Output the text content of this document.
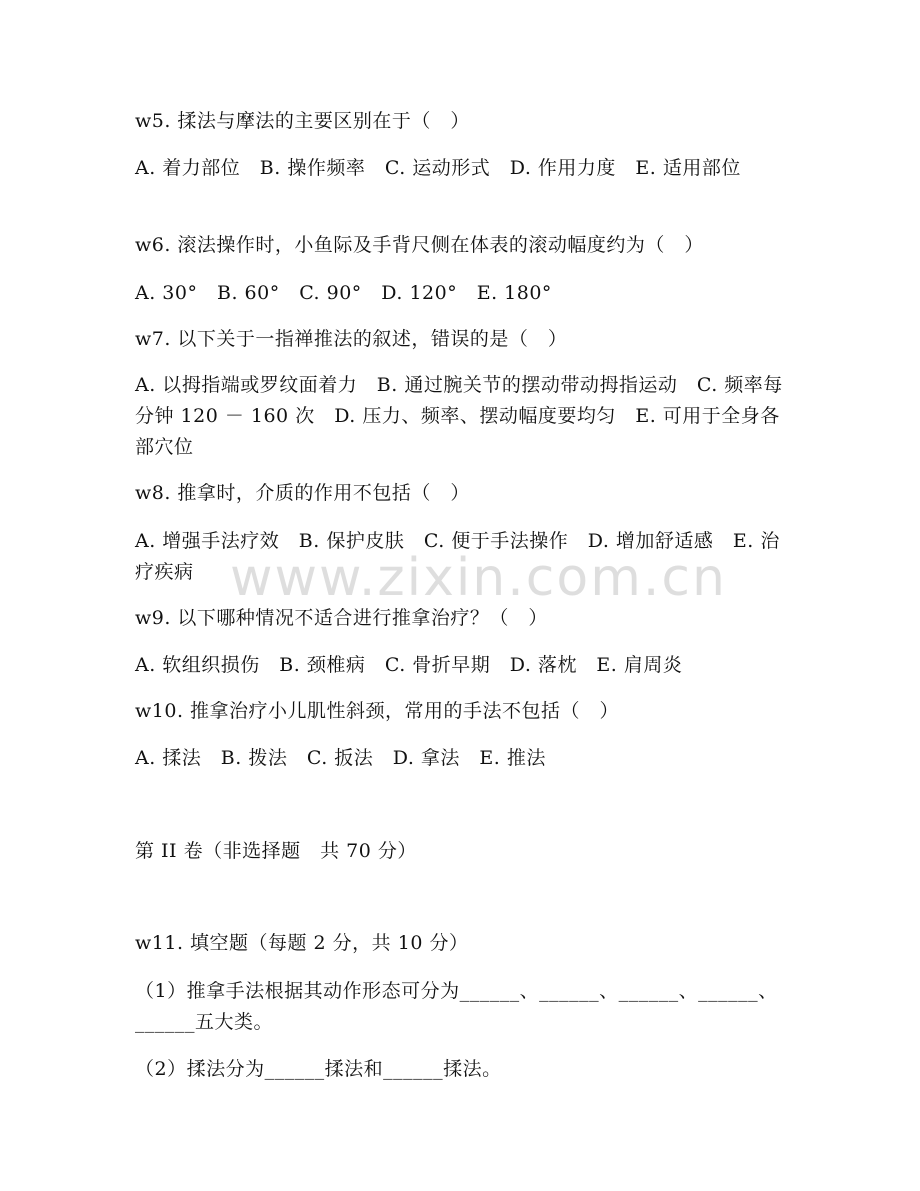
w5. 揉法与摩法的主要区别在于（　）
A. 着力部位　B. 操作频率　C. 运动形式　D. 作用力度　E. 适用部位
w6. 滚法操作时，小鱼际及手背尺侧在体表的滚动幅度约为（　）
A. 30°　B. 60°　C. 90°　D. 120°　E. 180°
w7. 以下关于一指禅推法的叙述，错误的是（　）
A. 以拇指端或罗纹面着力　B. 通过腕关节的摆动带动拇指运动　C. 频率每分钟 120 － 160 次　D. 压力、频率、摆动幅度要均匀　E. 可用于全身各部穴位
w8. 推拿时，介质的作用不包括（　）
A. 增强手法疗效　B. 保护皮肤　C. 便于手法操作　D. 增加舒适感　E. 治疗疾病
w9. 以下哪种情况不适合进行推拿治疗？（　）
A. 软组织损伤　B. 颈椎病　C. 骨折早期　D. 落枕　E. 肩周炎
w10. 推拿治疗小儿肌性斜颈，常用的手法不包括（　）
A. 揉法　B. 拨法　C. 扳法　D. 拿法　E. 推法
第 II 卷（非选择题　共 70 分）
w11. 填空题（每题 2 分，共 10 分）
（1）推拿手法根据其动作形态可分为______、______、______、______、______五大类。
（2）揉法分为______揉法和______揉法。
www.zixin.com.cn
